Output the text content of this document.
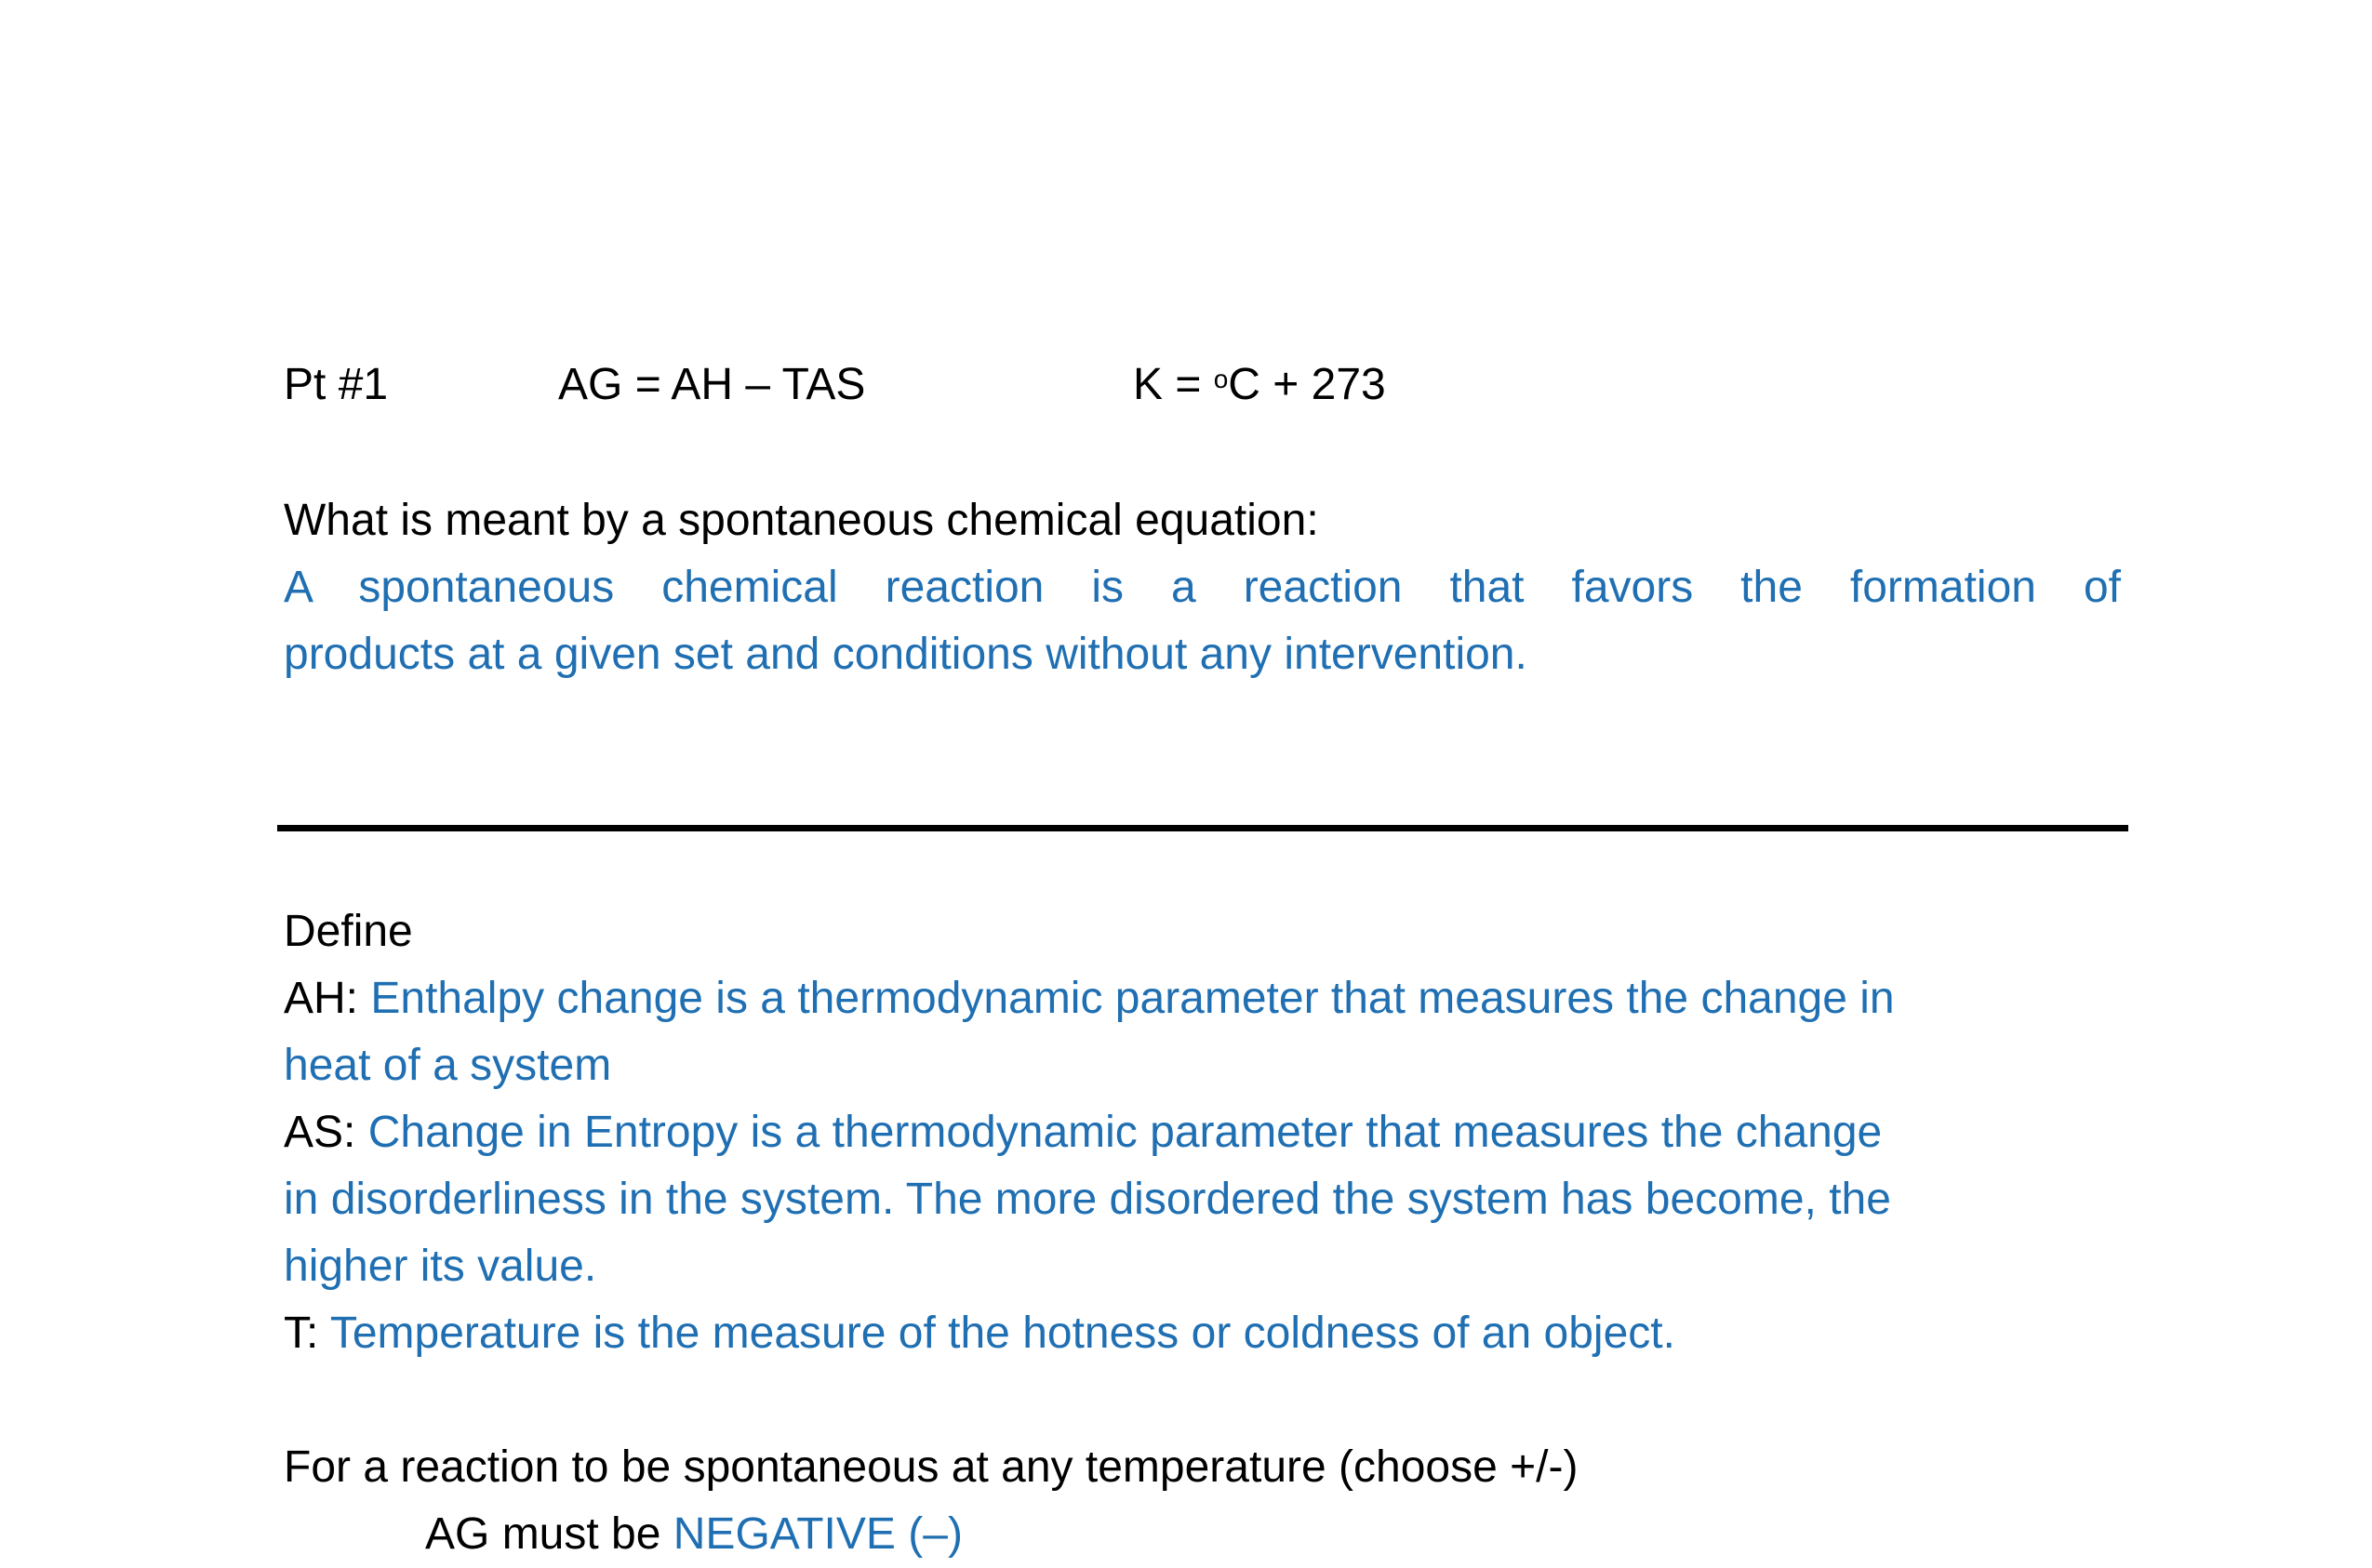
Pt #1	AG = AH – TAS	K = $^o$C + 273
What is meant by a spontaneous chemical equation:
A spontaneous chemical reaction is a reaction that favors the formation of
products at a given set and conditions without any intervention.
Define
AH: Enthalpy change is a thermodynamic parameter that measures the change in
heat of a system
AS: Change in Entropy is a thermodynamic parameter that measures the change
in disorderliness in the system. The more disordered the system has become, the
higher its value.
T: Temperature is the measure of the hotness or coldness of an object.
For a reaction to be spontaneous at any temperature (choose +/-)
AG must be NEGATIVE (–)
